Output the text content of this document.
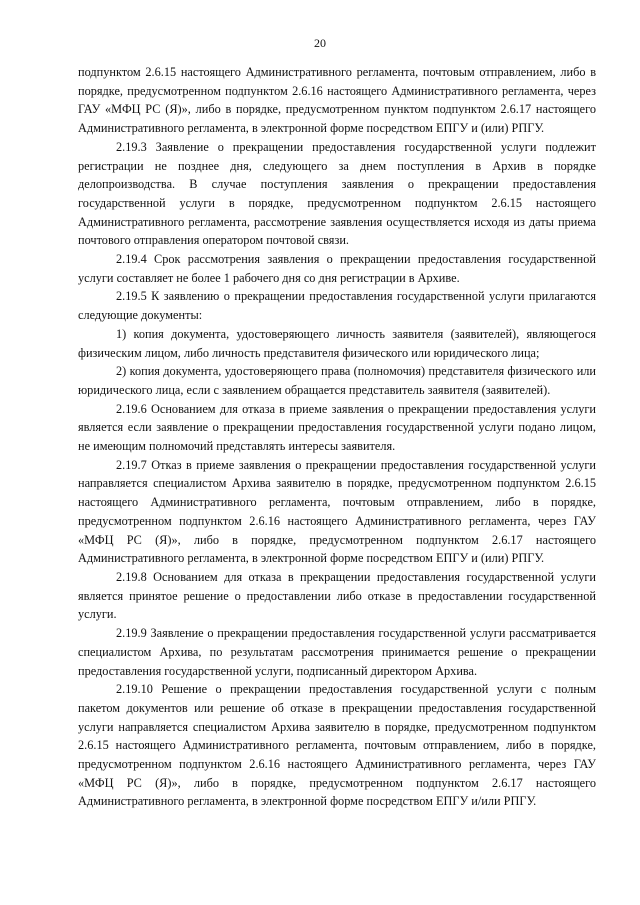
20

подпунктом 2.6.15 настоящего Административного регламента, почтовым отправлением, либо в порядке, предусмотренном подпунктом 2.6.16 настоящего Административного регламента, через ГАУ «МФЦ РС (Я)», либо в порядке, предусмотренном пунктом подпунктом 2.6.17 настоящего Административного регламента, в электронной форме посредством ЕПГУ и (или) РПГУ.

2.19.3 Заявление о прекращении предоставления государственной услуги подлежит регистрации не позднее дня, следующего за днем поступления в Архив в порядке делопроизводства. В случае поступления заявления о прекращении предоставления государственной услуги в порядке, предусмотренном подпунктом 2.6.15 настоящего Административного регламента, рассмотрение заявления осуществляется исходя из даты приема почтового отправления оператором почтовой связи.

2.19.4 Срок рассмотрения заявления о прекращении предоставления государственной услуги составляет не более 1 рабочего дня со дня регистрации в Архиве.

2.19.5 К заявлению о прекращении предоставления государственной услуги прилагаются следующие документы:

1) копия документа, удостоверяющего личность заявителя (заявителей), являющегося физическим лицом, либо личность представителя физического или юридического лица;

2) копия документа, удостоверяющего права (полномочия) представителя физического или юридического лица, если с заявлением обращается представитель заявителя (заявителей).

2.19.6 Основанием для отказа в приеме заявления о прекращении предоставления услуги является если заявление о прекращении предоставления государственной услуги подано лицом, не имеющим полномочий представлять интересы заявителя.

2.19.7 Отказ в приеме заявления о прекращении предоставления государственной услуги направляется специалистом Архива заявителю в порядке, предусмотренном подпунктом 2.6.15 настоящего Административного регламента, почтовым отправлением, либо в порядке, предусмотренном подпунктом 2.6.16 настоящего Административного регламента, через ГАУ «МФЦ РС (Я)», либо в порядке, предусмотренном подпунктом 2.6.17 настоящего Административного регламента, в электронной форме посредством ЕПГУ и (или) РПГУ.

2.19.8 Основанием для отказа в прекращении предоставления государственной услуги является принятое решение о предоставлении либо отказе в предоставлении государственной услуги.

2.19.9 Заявление о прекращении предоставления государственной услуги рассматривается специалистом Архива, по результатам рассмотрения принимается решение о прекращении предоставления государственной услуги, подписанный директором Архива.

2.19.10 Решение о прекращении предоставления государственной услуги с полным пакетом документов или решение об отказе в прекращении предоставления государственной услуги направляется специалистом Архива заявителю в порядке, предусмотренном подпунктом 2.6.15 настоящего Административного регламента, почтовым отправлением, либо в порядке, предусмотренном подпунктом 2.6.16 настоящего Административного регламента, через ГАУ «МФЦ РС (Я)», либо в порядке, предусмотренном подпунктом 2.6.17 настоящего Административного регламента, в электронной форме посредством ЕПГУ и/или РПГУ.
